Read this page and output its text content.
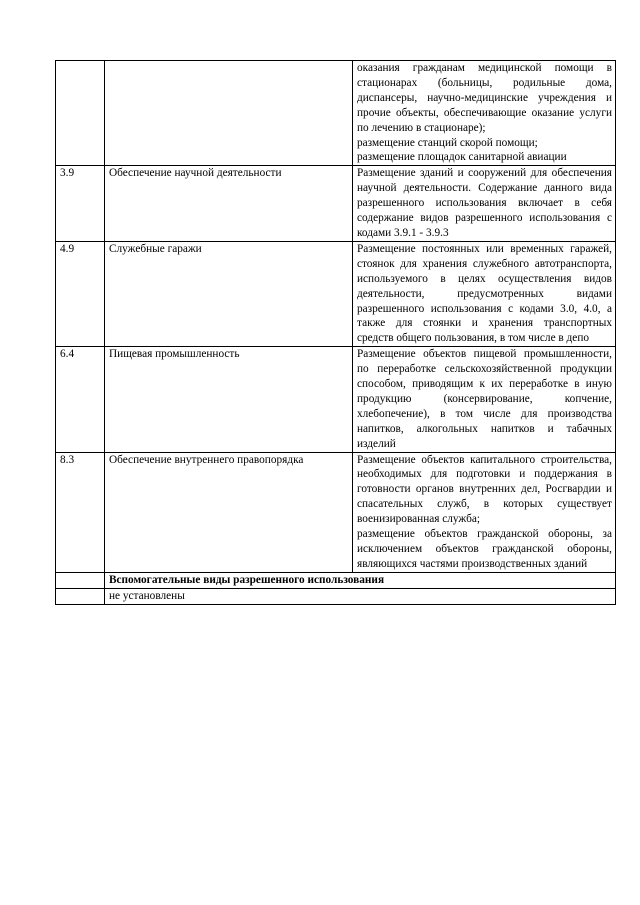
		оказания гражданам медицинской помощи в стационарах (больницы, родильные дома, диспансеры, научно-медицинские учреждения и прочие объекты, обеспечивающие оказание услуги по лечению в стационаре);

размещение станций скорой помощи;

размещение площадок санитарной авиации

3.9	Обеспечение научной деятельности	Размещение зданий и сооружений для обеспечения научной деятельности. Содержание данного вида разрешенного использования включает в себя содержание видов разрешенного использования с кодами 3.9.1 - 3.9.3

4.9	Служебные гаражи	Размещение постоянных или временных гаражей, стоянок для хранения служебного автотранспорта, используемого в целях осуществления видов деятельности, предусмотренных видами разрешенного использования с кодами 3.0, 4.0, а также для стоянки и хранения транспортных средств общего пользования, в том числе в депо

6.4	Пищевая промышленность	Размещение объектов пищевой промышленности, по переработке сельскохозяйственной продукции способом, приводящим к их переработке в иную продукцию (консервирование, копчение, хлебопечение), в том числе для производства напитков, алкогольных напитков и табачных изделий

8.3	Обеспечение внутреннего правопорядка	Размещение объектов капитального строительства, необходимых для подготовки и поддержания в готовности органов внутренних дел, Росгвардии и спасательных служб, в которых существует военизированная служба;

размещение объектов гражданской обороны, за исключением объектов гражданской обороны, являющихся частями производственных зданий

	Вспомогательные виды разрешенного использования	
	не установлены	
